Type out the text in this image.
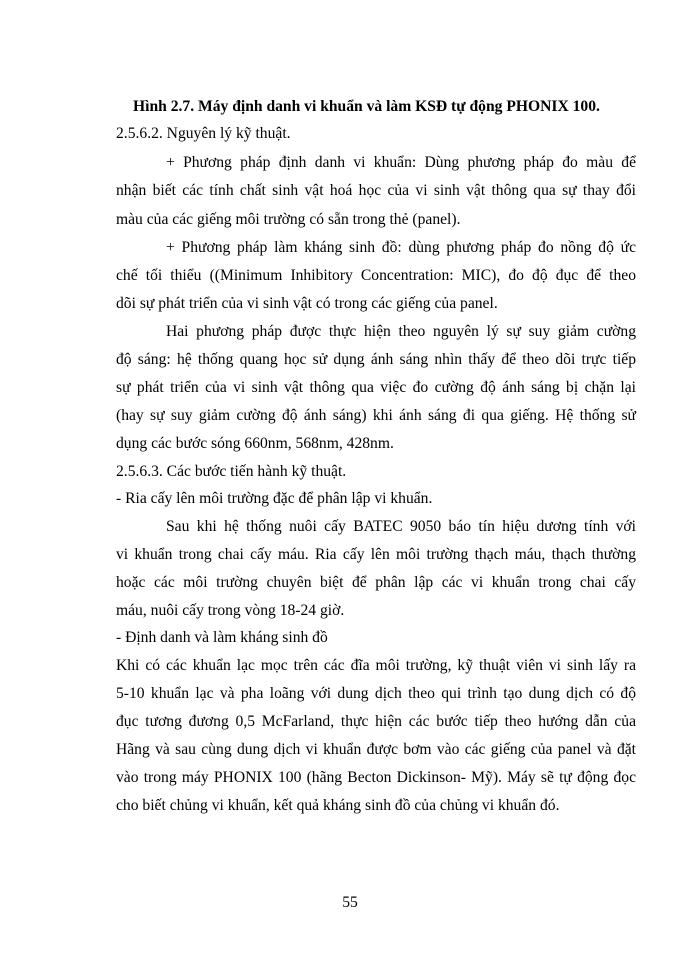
Hình 2.7. Máy định danh vi khuẩn và làm KSĐ tự động PHONIX 100.
2.5.6.2. Nguyên lý kỹ thuật.
+ Phương pháp định danh vi khuẩn: Dùng phương pháp đo màu để
nhận biết các tính chất sinh vật hoá học của vi sinh vật thông qua sự thay đổi
màu của các giếng môi trường có sẵn trong thẻ (panel).
+ Phương pháp làm kháng sinh đồ: dùng phương pháp đo nồng độ ức
chế tối thiểu ((Minimum Inhibitory Concentration: MIC), đo độ đục để theo
dõi sự phát triển của vi sinh vật có trong các giếng của panel.
Hai phương pháp được thực hiện theo nguyên lý sự suy giảm cường
độ sáng: hệ thống quang học sử dụng ánh sáng nhìn thấy để theo dõi trực tiếp
sự phát triển của vi sinh vật thông qua việc đo cường độ ánh sáng bị chặn lại
(hay sự suy giảm cường độ ánh sáng) khi ánh sáng đi qua giếng. Hệ thống sử
dụng các bước sóng 660nm, 568nm, 428nm.
2.5.6.3. Các bước tiến hành kỹ thuật.
- Ria cấy lên môi trường đặc để phân lập vi khuẩn.
Sau khi hệ thống nuôi cấy BATEC 9050 báo tín hiệu dương tính với
vi khuẩn trong chai cấy máu. Ria cấy lên môi trường thạch máu, thạch thường
hoặc các môi trường chuyên biệt để phân lập các vi khuẩn trong chai cấy
máu, nuôi cấy trong vòng 18-24 giờ.
- Định danh và làm kháng sinh đồ
Khi có các khuẩn lạc mọc trên các đĩa môi trường, kỹ thuật viên vi sinh lấy ra
5-10 khuẩn lạc và pha loãng với dung dịch theo qui trình tạo dung dịch có độ
đục tương đương 0,5 McFarland, thực hiện các bước tiếp theo hướng dẫn của
Hãng và sau cùng dung dịch vi khuẩn được bơm vào các giếng của panel và đặt
vào trong máy PHONIX 100 (hãng Becton Dickinson- Mỹ). Máy sẽ tự động đọc
cho biết chủng vi khuẩn, kết quả kháng sinh đồ của chủng vi khuẩn đó.
55
